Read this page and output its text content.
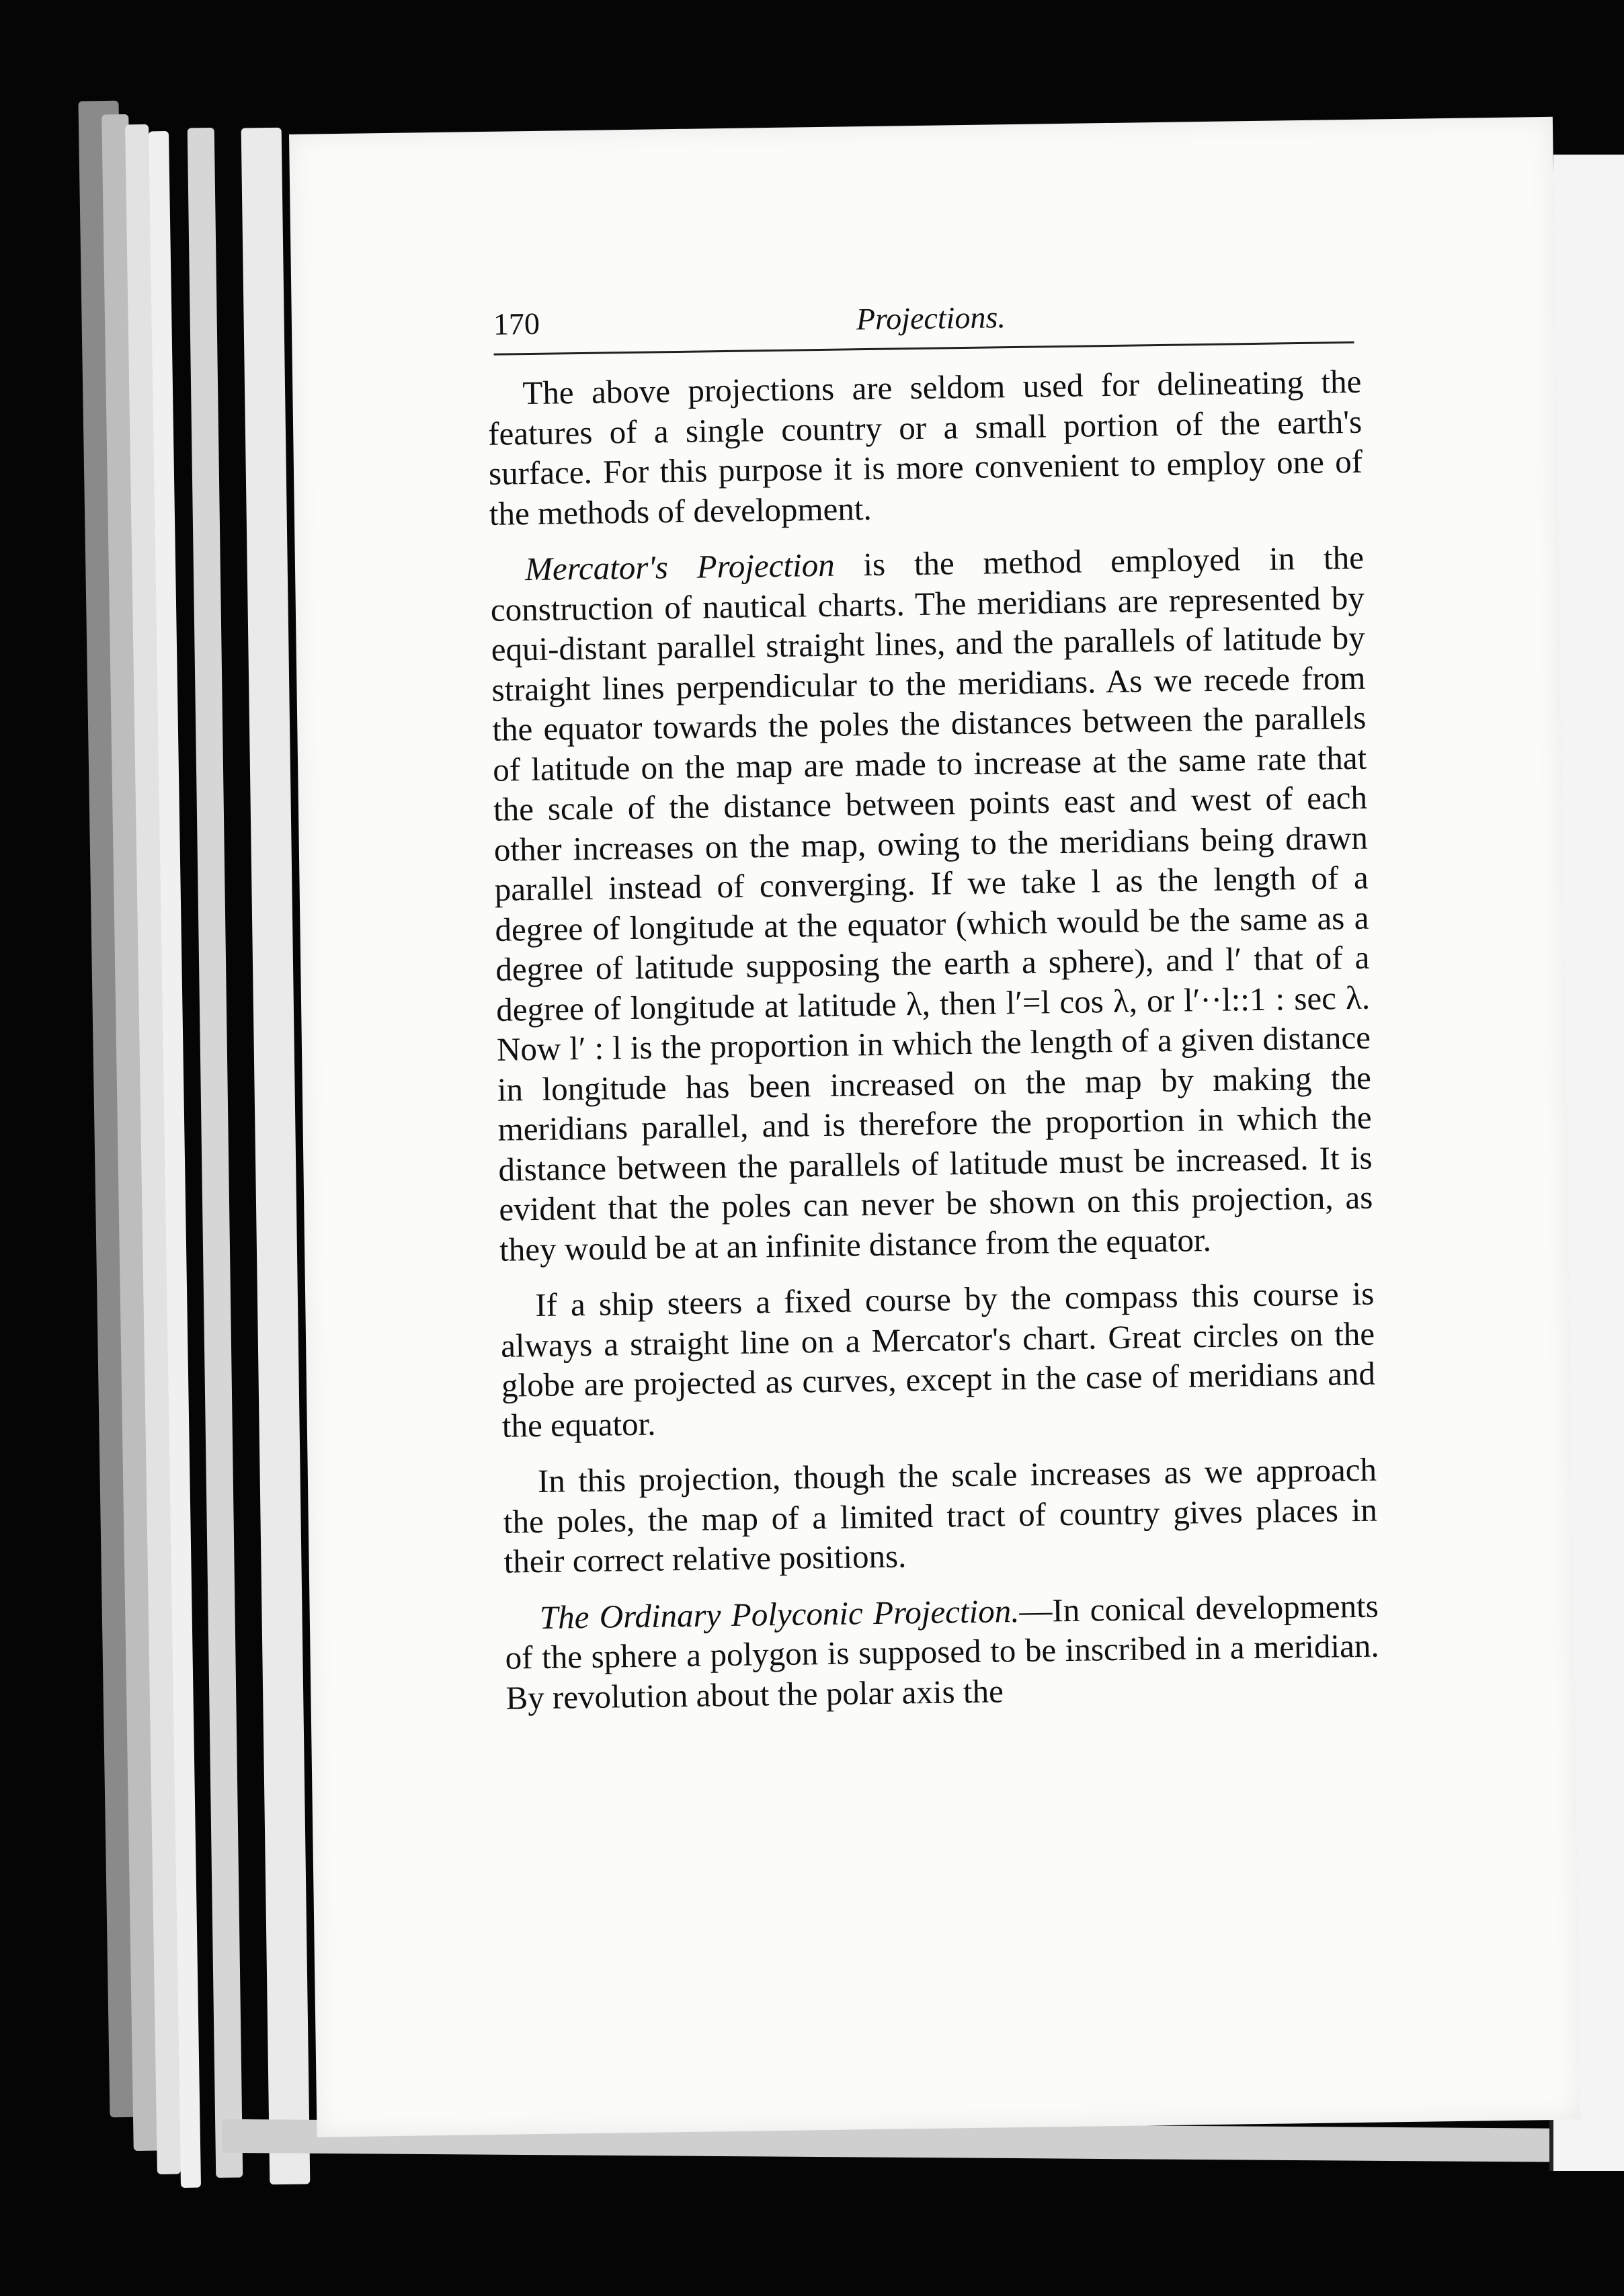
170	Projections.

The above projections are seldom used for delineating the features of a single country or a small portion of the earth's surface. For this purpose it is more convenient to employ one of the methods of development.

Mercator's Projection is the method employed in the construction of nautical charts. The meridians are represented by equi-distant parallel straight lines, and the parallels of latitude by straight lines perpendicular to the meridians. As we recede from the equator towards the poles the distances between the parallels of latitude on the map are made to increase at the same rate that the scale of the distance between points east and west of each other increases on the map, owing to the meridians being drawn parallel instead of converging. If we take l as the length of a degree of longitude at the equator (which would be the same as a degree of latitude supposing the earth a sphere), and l′ that of a degree of longitude at latitude λ, then l′=l cos λ, or l′··l::1 : sec λ. Now l′ : l is the proportion in which the length of a given distance in longitude has been increased on the map by making the meridians parallel, and is therefore the proportion in which the distance between the parallels of latitude must be increased. It is evident that the poles can never be shown on this projection, as they would be at an infinite distance from the equator.

If a ship steers a fixed course by the compass this course is always a straight line on a Mercator's chart. Great circles on the globe are projected as curves, except in the case of meridians and the equator.

In this projection, though the scale increases as we approach the poles, the map of a limited tract of country gives places in their correct relative positions.

The Ordinary Polyconic Projection.—In conical developments of the sphere a polygon is supposed to be inscribed in a meridian. By revolution about the polar axis the
